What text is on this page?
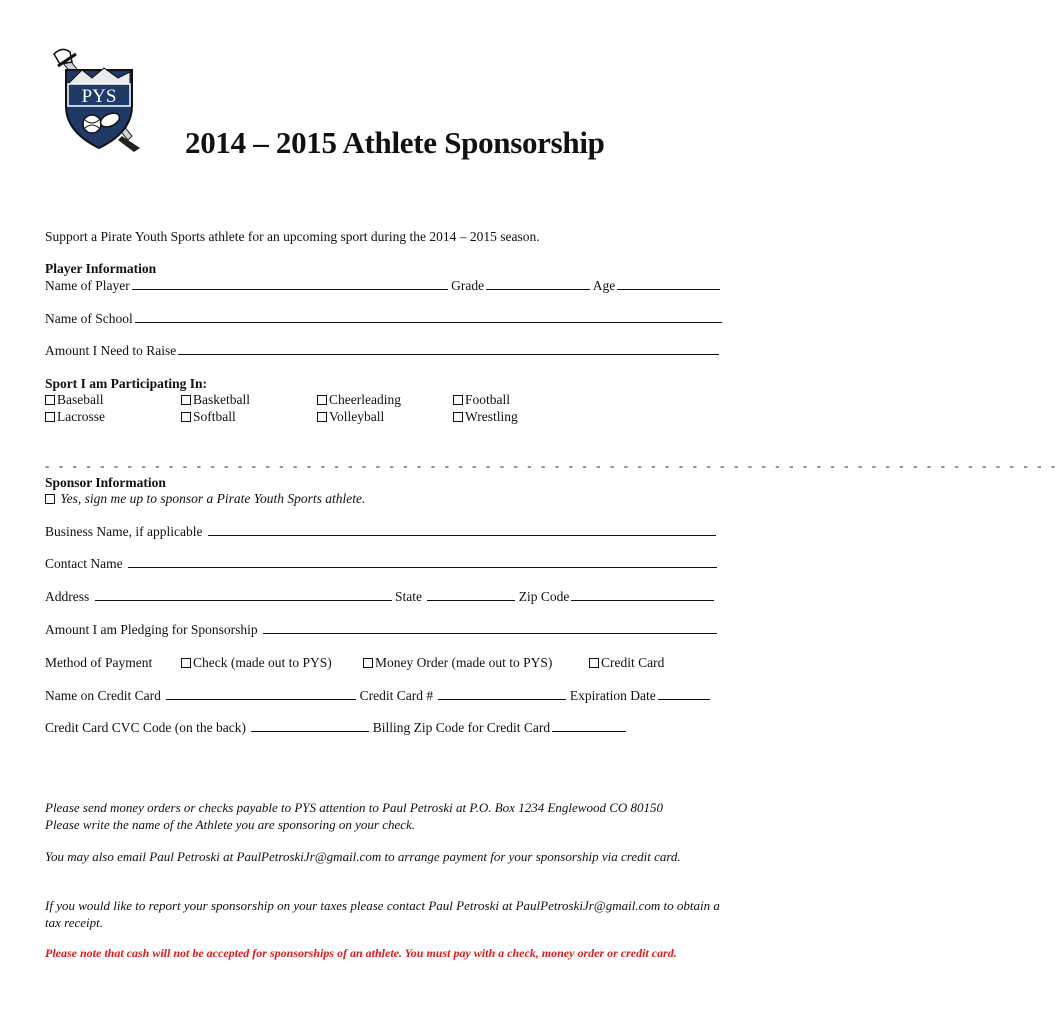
PYS
2014 – 2015 Athlete Sponsorship
Support a Pirate Youth Sports athlete for an upcoming sport during the 2014 – 2015 season.
Player Information
Name of Player	Grade	Age
Name of School
Amount I Need to Raise
Sport I am Participating In:
Baseball	Basketball	Cheerleading	Football
Lacrosse	Softball	Volleyball	Wrestling
- - - - - - - - - - - - - - - - - - - - - - - - - - - - - - - - - - - - - - - - - - - - - - - - - - - - - - - - - - - - - - - - - - - - - - - - - -
Sponsor Information
Yes, sign me up to sponsor a Pirate Youth Sports athlete.
Business Name, if applicable
Contact Name
Address	State	Zip Code
Amount I am Pledging for Sponsorship
Method of Payment	Check (made out to PYS)	Money Order (made out to PYS)	Credit Card
Name on Credit Card	Credit Card #	Expiration Date
Credit Card CVC Code (on the back)	Billing Zip Code for Credit Card
Please send money orders or checks payable to PYS attention to Paul Petroski at P.O. Box 1234 Englewood CO 80150
Please write the name of the Athlete you are sponsoring on your check.
You may also email Paul Petroski at PaulPetroskiJr@gmail.com to arrange payment for your sponsorship via credit card.
If you would like to report your sponsorship on your taxes please contact Paul Petroski at PaulPetroskiJr@gmail.com to obtain a tax receipt.
Please note that cash will not be accepted for sponsorships of an athlete. You must pay with a check, money order or credit card.
